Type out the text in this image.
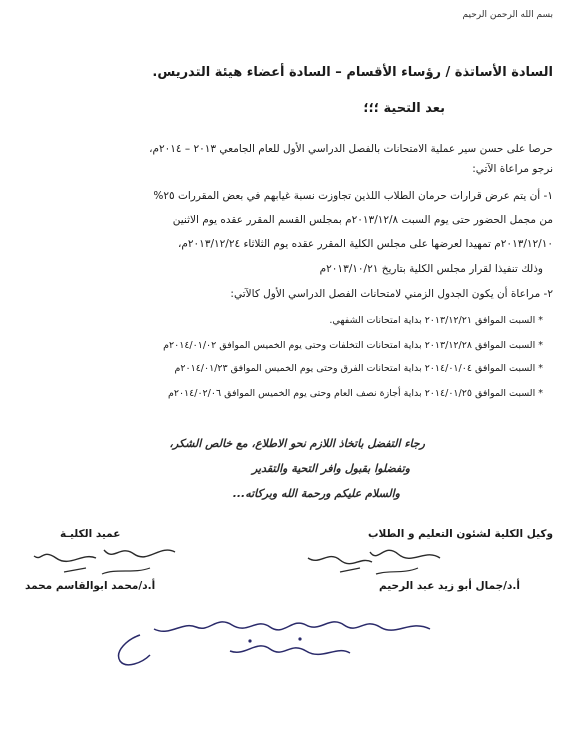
بسم الله الرحمن الرحيم
السادة الأساتذة / رؤساء الأقسام – السادة أعضاء هيئة التدريس.
بعد التحية ؛؛؛
حرصا على حسن سير عملية الامتحانات بالفصل الدراسي الأول للعام الجامعي ٢٠١٣ – ٢٠١٤م،
نرجو مراعاة الآتي:
١- أن يتم عرض قرارات حرمان الطلاب اللذين تجاوزت نسبة غيابهم في بعض المقررات ٢٥%
من مجمل الحضور حتى يوم السبت ٢٠١٣/١٢/٨م بمجلس القسم المقرر عقده يوم الاثنين
٢٠١٣/١٢/١٠م تمهيدا لعرضها على مجلس الكلية المقرر عقده يوم الثلاثاء ٢٠١٣/١٢/٢٤م،
وذلك تنفيذا لقرار مجلس الكلية بتاريخ ٢٠١٣/١٠/٢١م
٢- مراعاة أن يكون الجدول الزمني لامتحانات الفصل الدراسي الأول كالآتي:
* السبت الموافق ٢٠١٣/١٢/٢١ بداية امتحانات الشفهي.
* السبت الموافق ٢٠١٣/١٢/٢٨ بداية امتحانات التخلفات وحتى يوم الخميس الموافق ٢٠١٤/٠١/٠٢م
* السبت الموافق ٢٠١٤/٠١/٠٤ بداية امتحانات الفرق وحتى يوم الخميس الموافق ٢٠١٤/٠١/٢٣م
* السبت الموافق ٢٠١٤/٠١/٢٥ بداية أجازة نصف العام وحتى يوم الخميس الموافق ٢٠١٤/٠٢/٠٦م
رجاء التفضل باتخاذ اللازم نحو الاطلاع، مع خالص الشكر،
وتفضلوا بقبول وافر التحية والتقدير
والسلام عليكم ورحمة الله وبركاته...
وكيل الكلية لشئون التعليم و الطلاب
عميد الكليـة
أ.د/جمال أبو زيد عبد الرحيم
أ.د/محمد ابوالقاسم محمد
